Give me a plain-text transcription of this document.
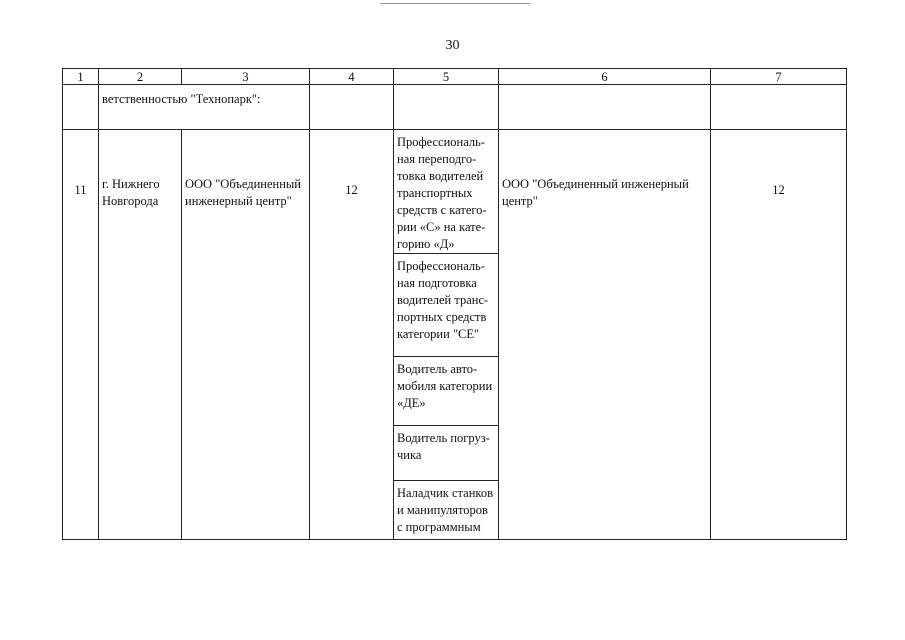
30
1	2	3	4	5	6	7
	ветственностью "Технопарк":					
11	г. Нижнего Новгорода	ООО "Объединенный инженерный центр"	12	Профессиональ-ная переподго-товка водителей транспортных средств с катего-рии «С» на кате-горию «Д»	ООО "Объединенный инженерный центр"	12
				Профессиональ-ная подготовка водителей транс-портных средств категории "СЕ"		
				Водитель авто-мобиля категории «ДЕ»		
				Водитель погруз-чика		
				Наладчик станков и манипуляторов с программным		
